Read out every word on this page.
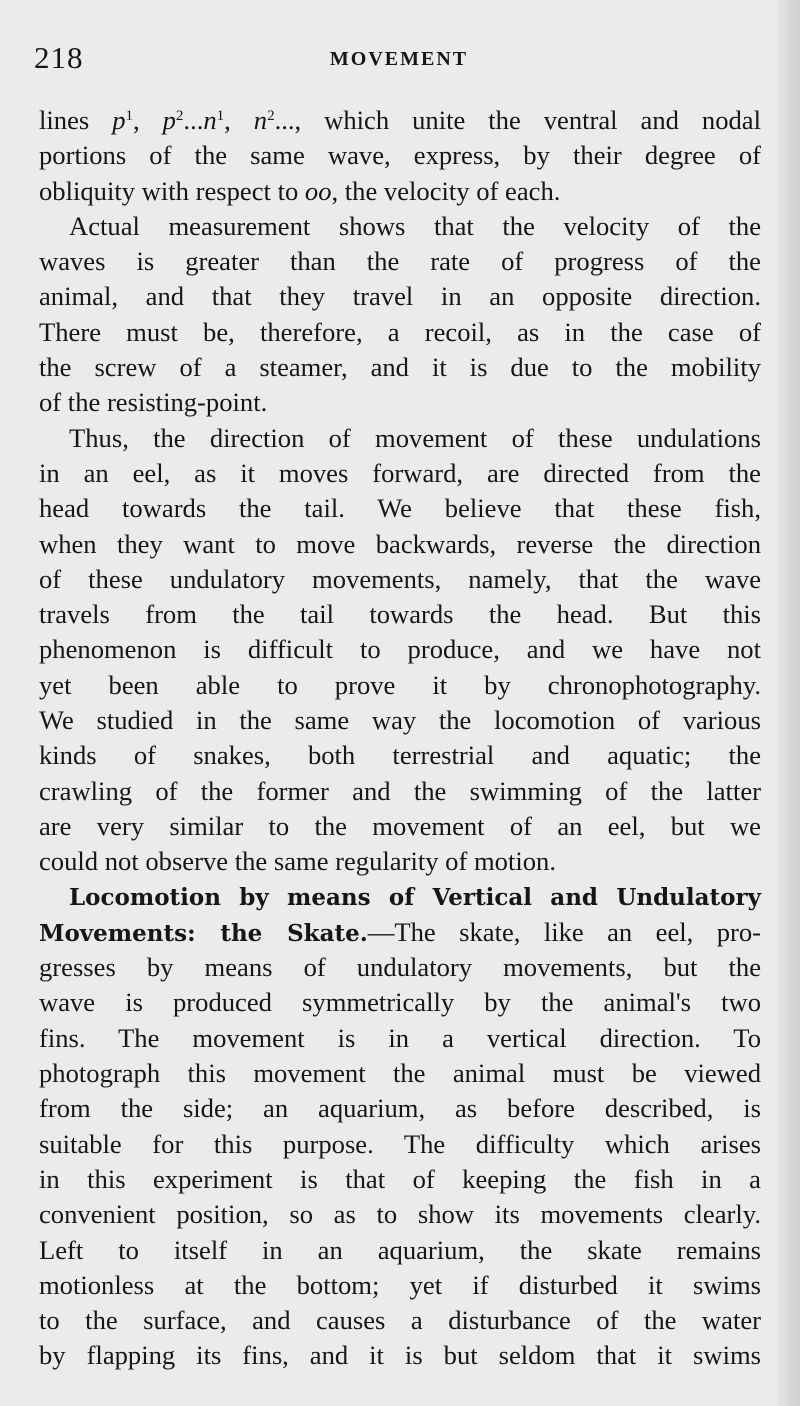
218	MOVEMENT
lines $p^1$, $p^2...n^1$, $n^2$..., which unite the ventral and nodal
portions of the same wave, express, by their degree of
obliquity with respect to oo, the velocity of each.
Actual measurement shows that the velocity of the
waves is greater than the rate of progress of the
animal, and that they travel in an opposite direction.
There must be, therefore, a recoil, as in the case of
the screw of a steamer, and it is due to the mobility
of the resisting-point.
Thus, the direction of movement of these undulations
in an eel, as it moves forward, are directed from the
head towards the tail. We believe that these fish,
when they want to move backwards, reverse the direction
of these undulatory movements, namely, that the wave
travels from the tail towards the head. But this
phenomenon is difficult to produce, and we have not
yet been able to prove it by chronophotography.
We studied in the same way the locomotion of various
kinds of snakes, both terrestrial and aquatic; the
crawling of the former and the swimming of the latter
are very similar to the movement of an eel, but we
could not observe the same regularity of motion.
Locomotion by means of Vertical and Undulatory
Movements: the Skate.—The skate, like an eel, pro-
gresses by means of undulatory movements, but the
wave is produced symmetrically by the animal's two
fins. The movement is in a vertical direction. To
photograph this movement the animal must be viewed
from the side; an aquarium, as before described, is
suitable for this purpose. The difficulty which arises
in this experiment is that of keeping the fish in a
convenient position, so as to show its movements clearly.
Left to itself in an aquarium, the skate remains
motionless at the bottom; yet if disturbed it swims
to the surface, and causes a disturbance of the water
by flapping its fins, and it is but seldom that it swims
